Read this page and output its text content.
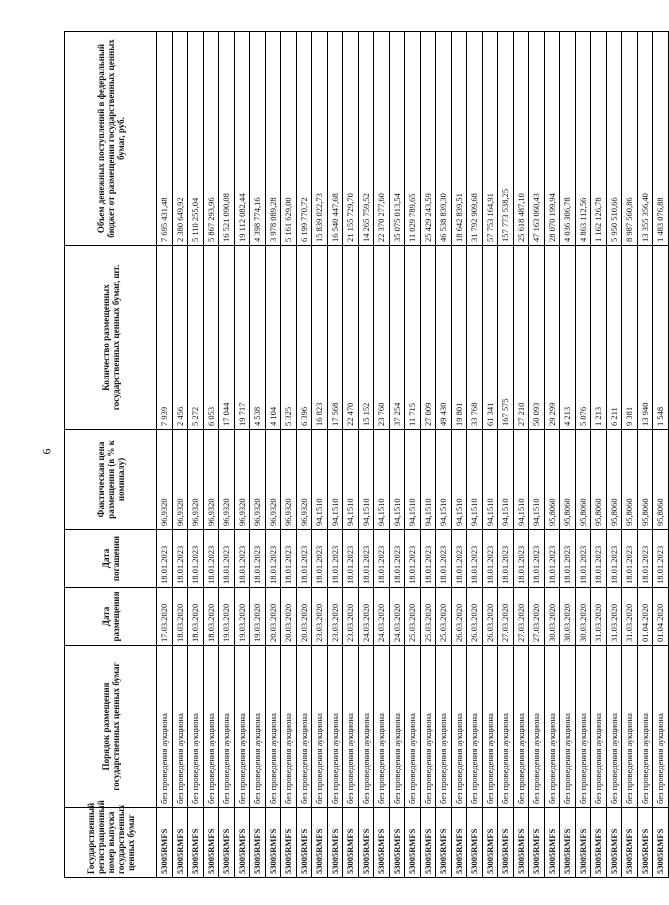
6
Государственный регистрационный номер выпуска государственных ценных бумаг	Порядок размещения государственных ценных бумаг	Дата размещения	Дата погашения	Фактическая цена размещения (в % к номиналу)	Количество размещенных государственных ценных бумаг, шт.	Объем денежных поступлений в федеральный бюджет от размещения государственных ценных бумаг, руб.
53005RMFS	без проведения аукциона	17.03.2020	18.01.2023	96,9320	7 939	7 695 431,48
53005RMFS	без проведения аукциона	18.03.2020	18.01.2023	96,9320	2 456	2 380 649,92
53005RMFS	без проведения аукциона	18.03.2020	18.01.2023	96,9320	5 272	5 110 255,04
53005RMFS	без проведения аукциона	18.03.2020	18.01.2023	96,9320	6 053	5 867 293,96
53005RMFS	без проведения аукциона	19.03.2020	18.01.2023	96,9320	17 044	16 521 090,08
53005RMFS	без проведения аукциона	19.03.2020	18.01.2023	96,9320	19 717	19 112 082,44
53005RMFS	без проведения аукциона	19.03.2020	18.01.2023	96,9320	4 538	4 398 774,16
53005RMFS	без проведения аукциона	20.03.2020	18.01.2023	96,9320	4 104	3 978 089,28
53005RMFS	без проведения аукциона	20.03.2020	18.01.2023	96,9320	5 325	5 161 629,00
53005RMFS	без проведения аукциона	20.03.2020	18.01.2023	96,9320	6 396	6 199 770,72
53005RMFS	без проведения аукциона	23.03.2020	18.01.2023	94,1510	16 823	15 839 022,73
53005RMFS	без проведения аукциона	23.03.2020	18.01.2023	94,1510	17 568	16 540 447,68
53005RMFS	без проведения аукциона	23.03.2020	18.01.2023	94,1510	22 470	21 155 729,70
53005RMFS	без проведения аукциона	24.03.2020	18.01.2023	94,1510	15 152	14 265 759,52
53005RMFS	без проведения аукциона	24.03.2020	18.01.2023	94,1510	23 760	22 370 277,60
53005RMFS	без проведения аукциона	24.03.2020	18.01.2023	94,1510	37 254	35 075 013,54
53005RMFS	без проведения аукциона	25.03.2020	18.01.2023	94,1510	11 715	11 029 789,65
53005RMFS	без проведения аукциона	25.03.2020	18.01.2023	94,1510	27 009	25 429 243,59
53005RMFS	без проведения аукциона	25.03.2020	18.01.2023	94,1510	49 430	46 538 839,30
53005RMFS	без проведения аукциона	26.03.2020	18.01.2023	94,1510	19 801	18 642 839,51
53005RMFS	без проведения аукциона	26.03.2020	18.01.2023	94,1510	33 768	31 792 909,68
53005RMFS	без проведения аукциона	26.03.2020	18.01.2023	94,1510	61 341	57 753 164,91
53005RMFS	без проведения аукциона	27.03.2020	18.01.2023	94,1510	167 575	157 773 538,25
53005RMFS	без проведения аукциона	27.03.2020	18.01.2023	94,1510	27 210	25 618 487,10
53005RMFS	без проведения аукциона	27.03.2020	18.01.2023	94,1510	50 093	47 163 060,43
53005RMFS	без проведения аукциона	30.03.2020	18.01.2023	95,8060	29 299	28 070 199,94
53005RMFS	без проведения аукциона	30.03.2020	18.01.2023	95,8060	4 213	4 036 306,78
53005RMFS	без проведения аукциона	30.03.2020	18.01.2023	95,8060	5 076	4 863 112,56
53005RMFS	без проведения аукциона	31.03.2020	18.01.2023	95,8060	1 213	1 162 126,78
53005RMFS	без проведения аукциона	31.03.2020	18.01.2023	95,8060	6 211	5 950 510,66
53005RMFS	без проведения аукциона	31.03.2020	18.01.2023	95,8060	9 381	8 987 560,86
53005RMFS	без проведения аукциона	01.04.2020	18.01.2023	95,8060	13 940	13 355 356,40
53005RMFS	без проведения аукциона	01.04.2020	18.01.2023	95,8060	1 548	1 483 076,88
